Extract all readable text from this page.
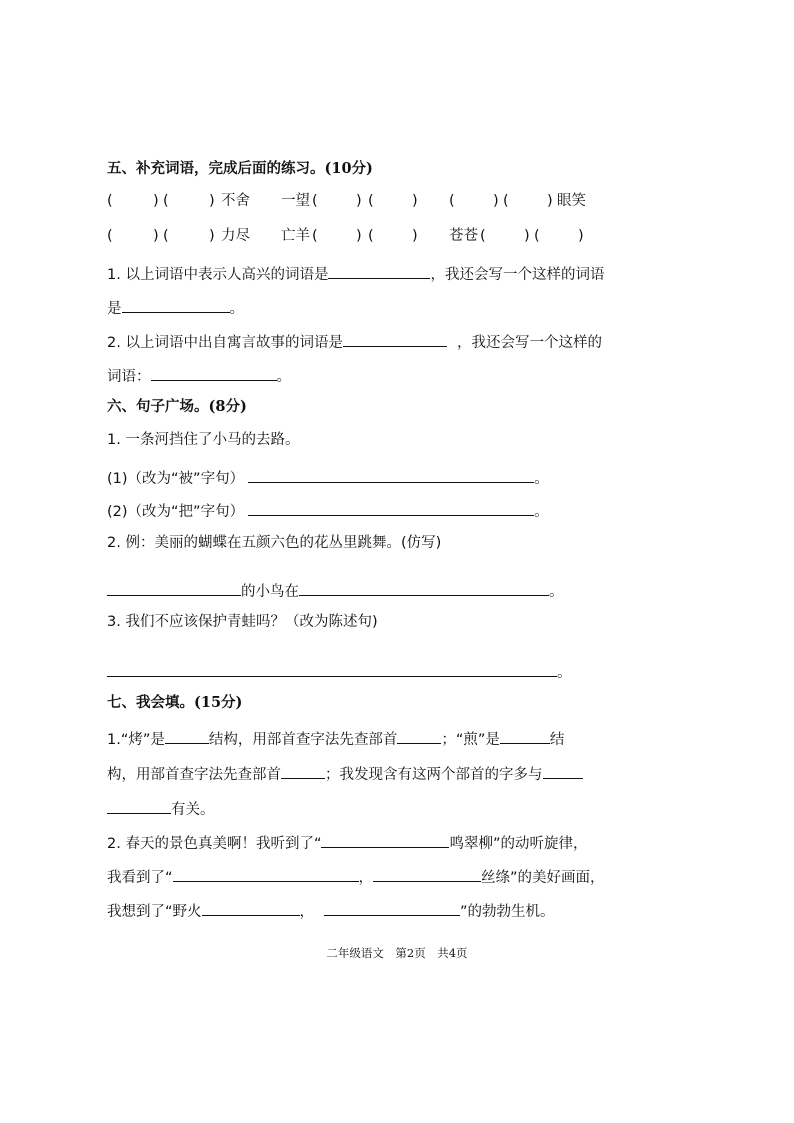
五、补充词语，完成后面的练习。(10分)
(	) (	) 不舍 一望 (	) (	) (	) (	) 眼笑
(	) (	) 力尽 亡羊 (	) (	) 苍苍 (	) (	)
1. 以上词语中表示人高兴的词语是	，我还会写一个这样的词语
是	。
2. 以上词语中出自寓言故事的词语是	，我还会写一个这样的
词语：	。
六、句子广场。(8分)
1. 一条河挡住了小马的去路。
(1)（改为“被”字句）	。
(2)（改为“把”字句）	。
2. 例：美丽的蝴蝶在五颜六色的花丛里跳舞。(仿写)
的小鸟在	。
3. 我们不应该保护青蛙吗？（改为陈述句)
。
七、我会填。(15分)
1.“烤”是	结构，用部首查字法先查部首	；“煎”是	结
构，用部首查字法先查部首	；我发现含有这两个部首的字多与
有关。
2. 春天的景色真美啊！我听到了“	鸣翠柳”的动听旋律，
我看到了“	，	丝绦”的美好画面，
我想到了“野火	，	”的勃勃生机。
二年级语文　第2页　共4页
